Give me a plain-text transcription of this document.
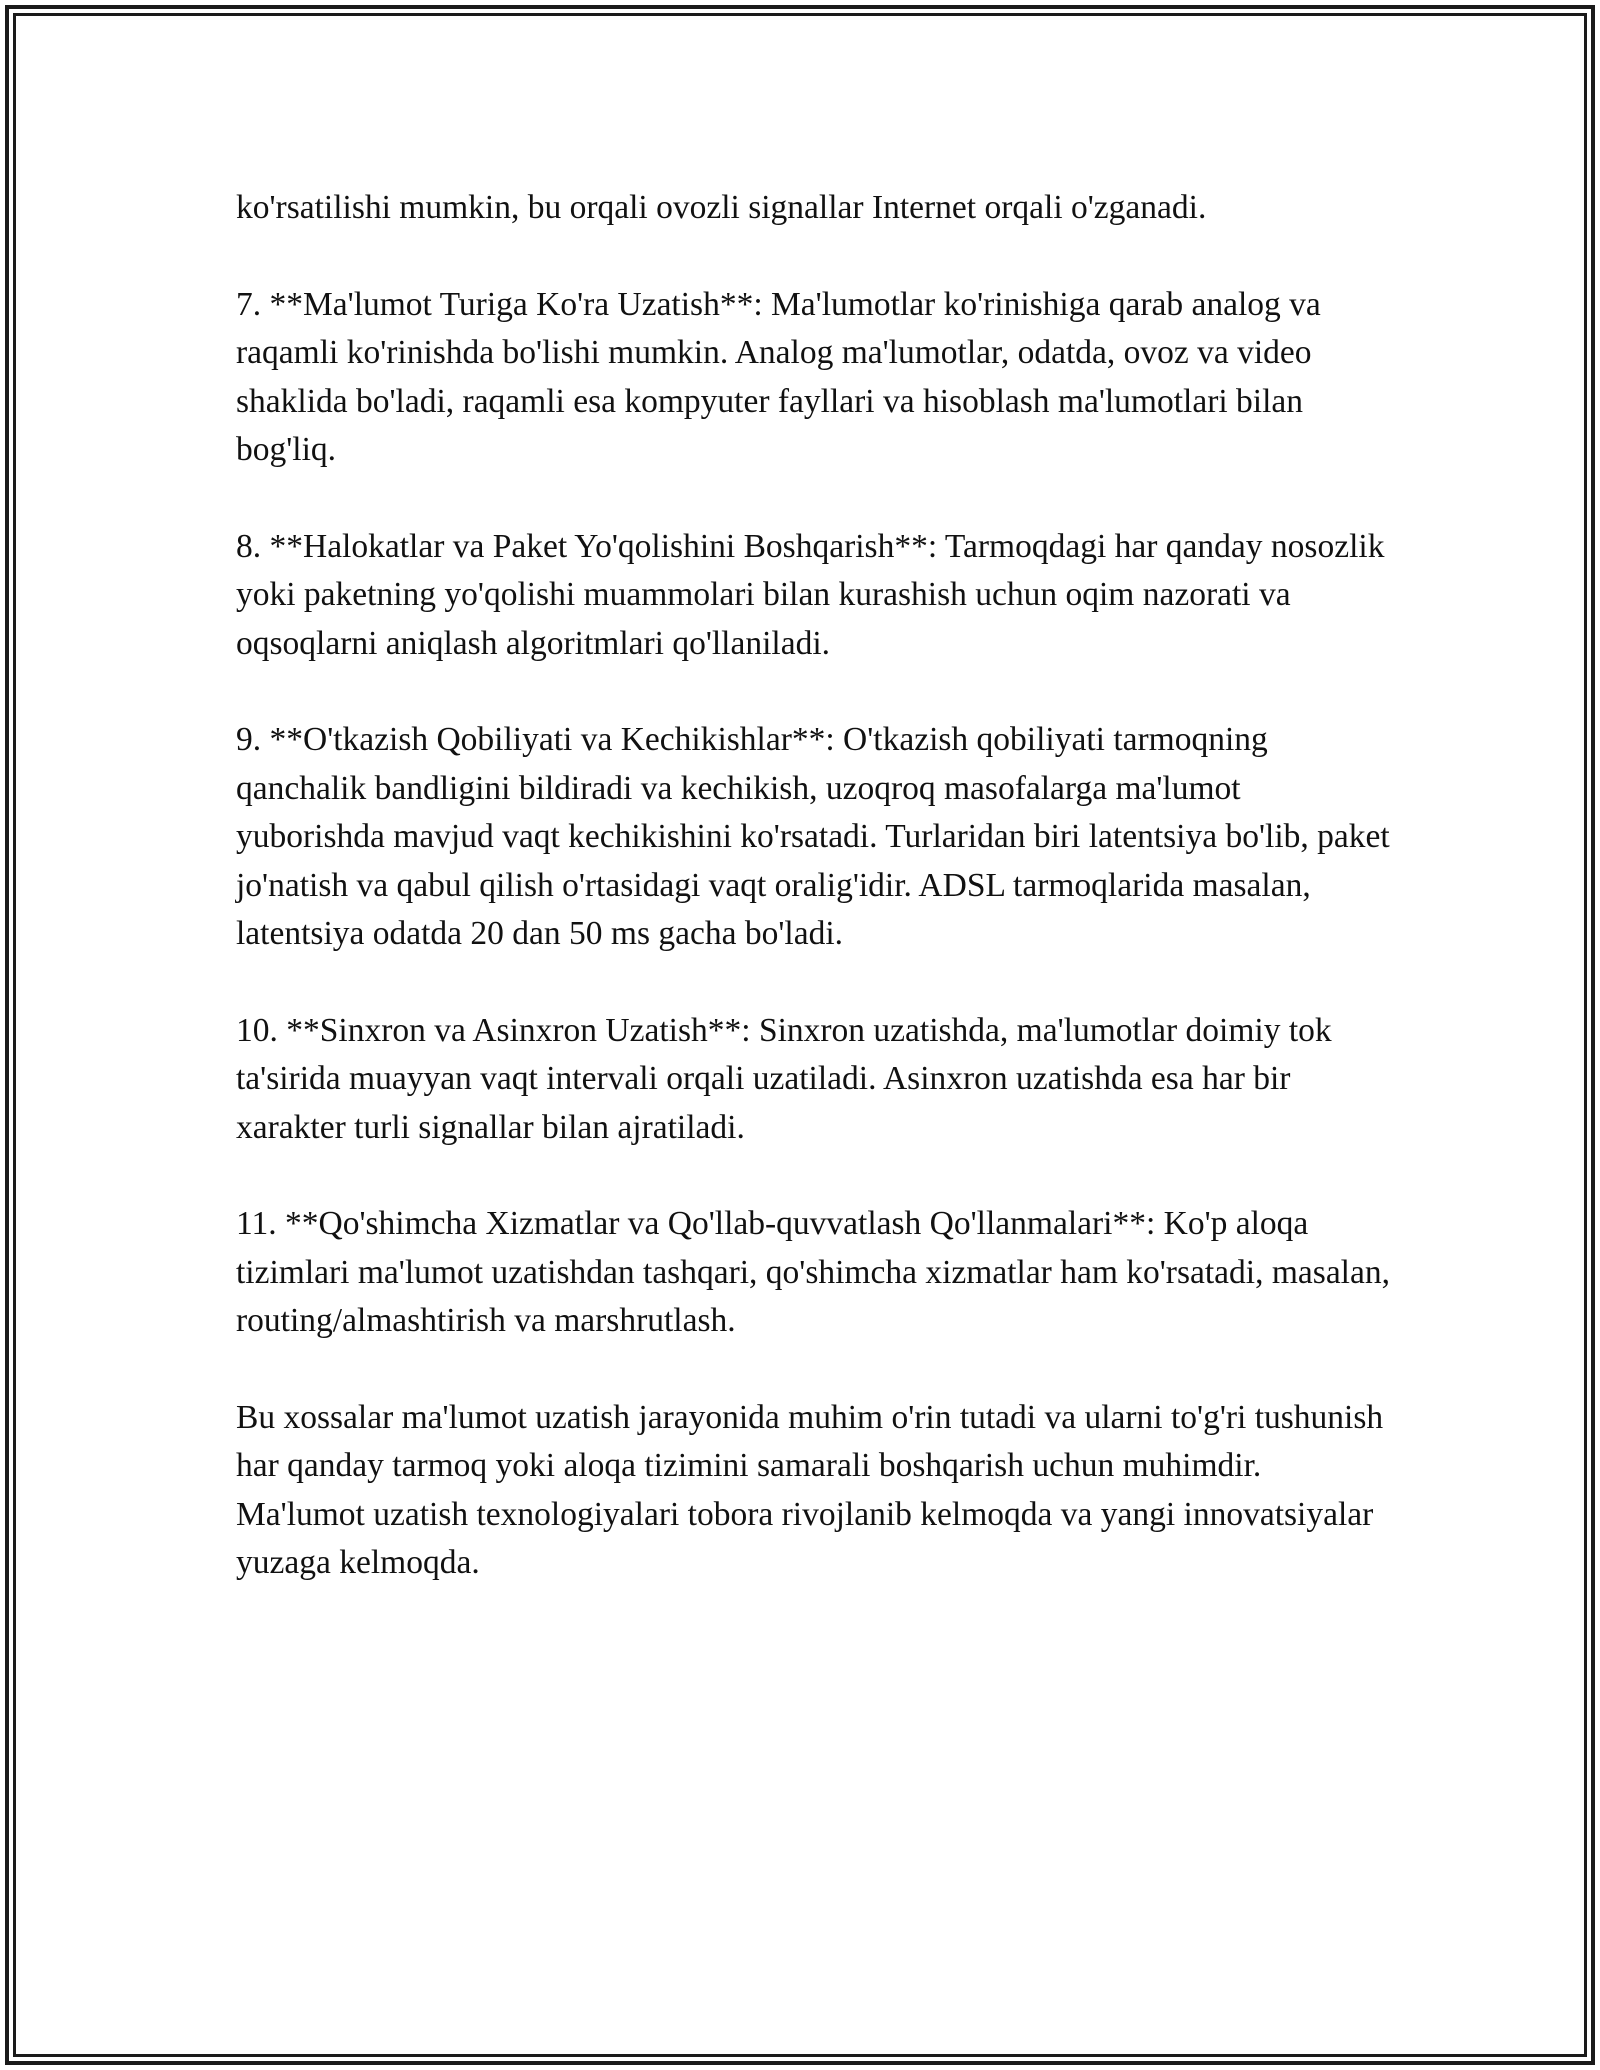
ko'rsatilishi mumkin, bu orqali ovozli signallar Internet orqali o'zganadi.

7. **Ma'lumot Turiga Ko'ra Uzatish**: Ma'lumotlar ko'rinishiga qarab analog va raqamli ko'rinishda bo'lishi mumkin. Analog ma'lumotlar, odatda, ovoz va video shaklida bo'ladi, raqamli esa kompyuter fayllari va hisoblash ma'lumotlari bilan bog'liq.

8. **Halokatlar va Paket Yo'qolishini Boshqarish**: Tarmoqdagi har qanday nosozlik yoki paketning yo'qolishi muammolari bilan kurashish uchun oqim nazorati va oqsoqlarni aniqlash algoritmlari qo'llaniladi.

9. **O'tkazish Qobiliyati va Kechikishlar**: O'tkazish qobiliyati tarmoqning qanchalik bandligini bildiradi va kechikish, uzoqroq masofalarga ma'lumot yuborishda mavjud vaqt kechikishini ko'rsatadi. Turlaridan biri latentsiya bo'lib, paket jo'natish va qabul qilish o'rtasidagi vaqt oralig'idir. ADSL tarmoqlarida masalan, latentsiya odatda 20 dan 50 ms gacha bo'ladi.

10. **Sinxron va Asinxron Uzatish**: Sinxron uzatishda, ma'lumotlar doimiy tok ta'sirida muayyan vaqt intervali orqali uzatiladi. Asinxron uzatishda esa har bir xarakter turli signallar bilan ajratiladi.

11. **Qo'shimcha Xizmatlar va Qo'llab-quvvatlash Qo'llanmalari**: Ko'p aloqa tizimlari ma'lumot uzatishdan tashqari, qo'shimcha xizmatlar ham ko'rsatadi, masalan, routing/almashtirish va marshrutlash.

Bu xossalar ma'lumot uzatish jarayonida muhim o'rin tutadi va ularni to'g'ri tushunish har qanday tarmoq yoki aloqa tizimini samarali boshqarish uchun muhimdir. Ma'lumot uzatish texnologiyalari tobora rivojlanib kelmoqda va yangi innovatsiyalar yuzaga kelmoqda.
